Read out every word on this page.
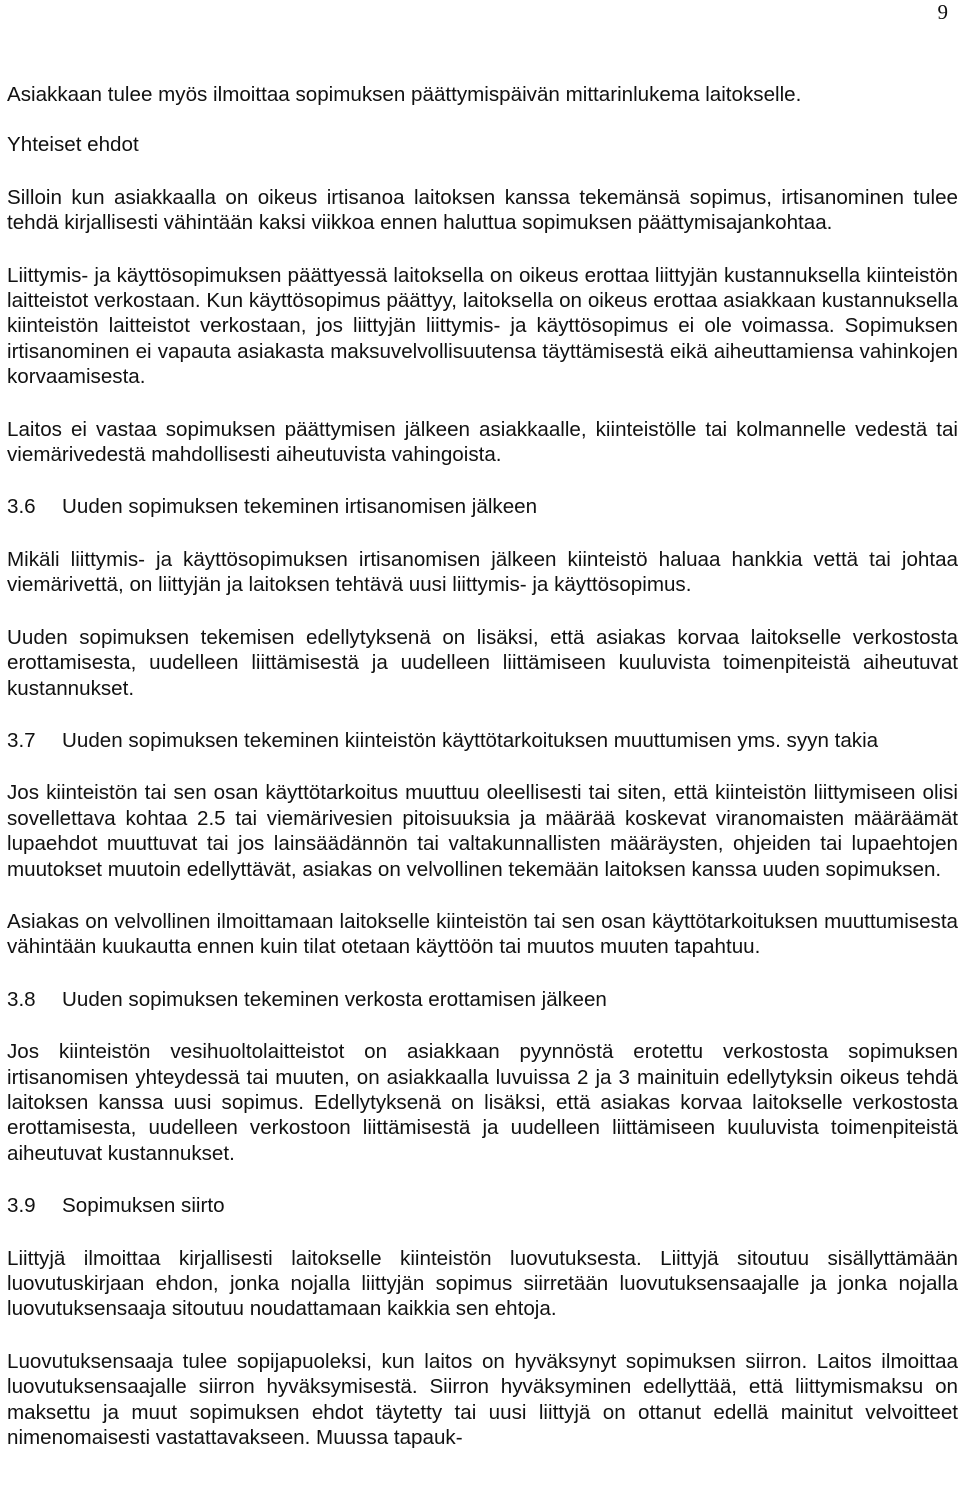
9

Asiakkaan tulee myös ilmoittaa sopimuksen päättymispäivän mittarinlukema laitokselle.

Yhteiset ehdot

Silloin kun asiakkaalla on oikeus irtisanoa laitoksen kanssa tekemänsä sopimus, irtisanominen tulee tehdä kirjallisesti vähintään kaksi viikkoa ennen haluttua sopimuksen päättymisajankohtaa.

Liittymis- ja käyttösopimuksen päättyessä laitoksella on oikeus erottaa liittyjän kustannuksella kiinteistön laitteistot verkostaan. Kun käyttösopimus päättyy, laitoksella on oikeus erottaa asiakkaan kustannuksella kiinteistön laitteistot verkostaan, jos liittyjän liittymis- ja käyttösopimus ei ole voimassa. Sopimuksen irtisanominen ei vapauta asiakasta maksuvelvollisuutensa täyttämisestä eikä aiheuttamiensa vahinkojen korvaamisesta.

Laitos ei vastaa sopimuksen päättymisen jälkeen asiakkaalle, kiinteistölle tai kolmannelle vedestä tai viemärivedestä mahdollisesti aiheutuvista vahingoista.

3.6	Uuden sopimuksen tekeminen irtisanomisen jälkeen

Mikäli liittymis- ja käyttösopimuksen irtisanomisen jälkeen kiinteistö haluaa hankkia vettä tai johtaa viemärivettä, on liittyjän ja laitoksen tehtävä uusi liittymis- ja käyttösopimus.

Uuden sopimuksen tekemisen edellytyksenä on lisäksi, että asiakas korvaa laitokselle verkostosta erottamisesta, uudelleen liittämisestä ja uudelleen liittämiseen kuuluvista toimenpiteistä aiheutuvat kustannukset.

3.7	Uuden sopimuksen tekeminen kiinteistön käyttötarkoituksen muuttumisen yms. syyn takia

Jos kiinteistön tai sen osan käyttötarkoitus muuttuu oleellisesti tai siten, että kiinteistön liittymiseen olisi sovellettava kohtaa 2.5 tai viemärivesien pitoisuuksia ja määrää koskevat viranomaisten määräämät lupaehdot muuttuvat tai jos lainsäädännön tai valtakunnallisten määräysten, ohjeiden tai lupaehtojen muutokset muutoin edellyttävät, asiakas on velvollinen tekemään laitoksen kanssa uuden sopimuksen.

Asiakas on velvollinen ilmoittamaan laitokselle kiinteistön tai sen osan käyttötarkoituksen muuttumisesta vähintään kuukautta ennen kuin tilat otetaan käyttöön tai muutos muuten tapahtuu.

3.8	Uuden sopimuksen tekeminen verkosta erottamisen jälkeen

Jos kiinteistön vesihuoltolaitteistot on asiakkaan pyynnöstä erotettu verkostosta sopimuksen irtisanomisen yhteydessä tai muuten, on asiakkaalla luvuissa 2 ja 3 mainituin edellytyksin oikeus tehdä laitoksen kanssa uusi sopimus. Edellytyksenä on lisäksi, että asiakas korvaa laitokselle verkostosta erottamisesta, uudelleen verkostoon liittämisestä ja uudelleen liittämiseen kuuluvista toimenpiteistä aiheutuvat kustannukset.

3.9	Sopimuksen siirto

Liittyjä ilmoittaa kirjallisesti laitokselle kiinteistön luovutuksesta. Liittyjä sitoutuu sisällyttämään luovutuskirjaan ehdon, jonka nojalla liittyjän sopimus siirretään luovutuksensaajalle ja jonka nojalla luovutuksensaaja sitoutuu noudattamaan kaikkia sen ehtoja.

Luovutuksensaaja tulee sopijapuoleksi, kun laitos on hyväksynyt sopimuksen siirron. Laitos ilmoittaa luovutuksensaajalle siirron hyväksymisestä. Siirron hyväksyminen edellyttää, että liittymismaksu on maksettu ja muut sopimuksen ehdot täytetty tai uusi liittyjä on ottanut edellä mainitut velvoitteet nimenomaisesti vastattavakseen. Muussa tapauk-
